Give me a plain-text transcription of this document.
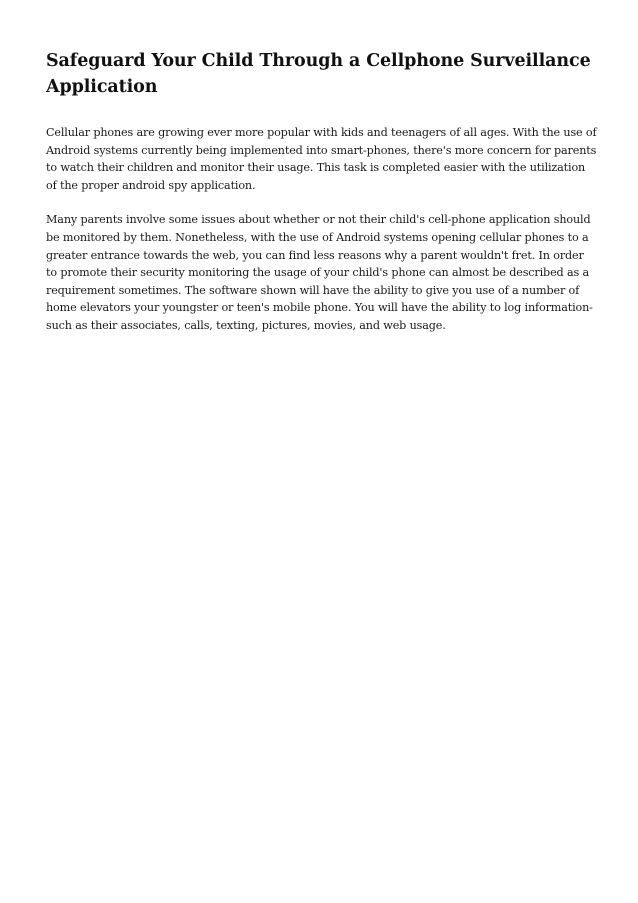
Safeguard Your Child Through a Cellphone Surveillance Application

Cellular phones are growing ever more popular with kids and teenagers of all ages. With the use of Android systems currently being implemented into smart-phones, there's more concern for parents to watch their children and monitor their usage. This task is completed easier with the utilization of the proper android spy application.

Many parents involve some issues about whether or not their child's cell-phone application should be monitored by them. Nonetheless, with the use of Android systems opening cellular phones to a greater entrance towards the web, you can find less reasons why a parent wouldn't fret. In order to promote their security monitoring the usage of your child's phone can almost be described as a requirement sometimes. The software shown will have the ability to give you use of a number of home elevators your youngster or teen's mobile phone. You will have the ability to log information-such as their associates, calls, texting, pictures, movies, and web usage.
